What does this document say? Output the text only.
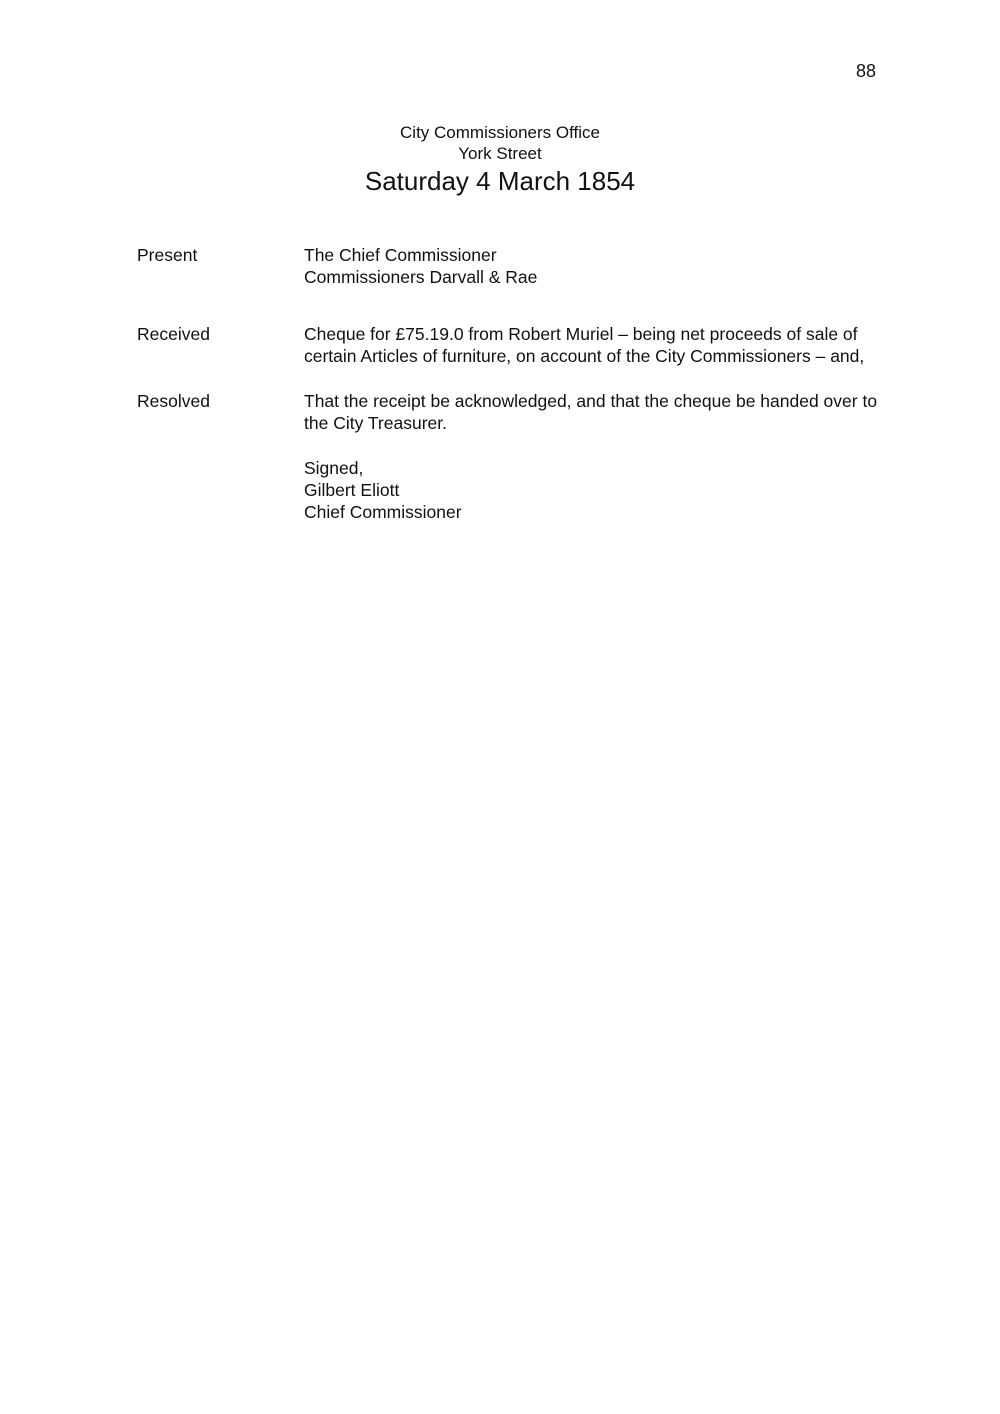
88
City Commissioners Office
York Street
Saturday 4 March 1854
Present	The Chief Commissioner
Commissioners Darvall & Rae
Received	Cheque for £75.19.0 from Robert Muriel – being net proceeds of sale of
certain Articles of furniture, on account of the City Commissioners – and,
Resolved	That the receipt be acknowledged, and that the cheque be handed over to
the City Treasurer.
Signed,
Gilbert Eliott
Chief Commissioner
